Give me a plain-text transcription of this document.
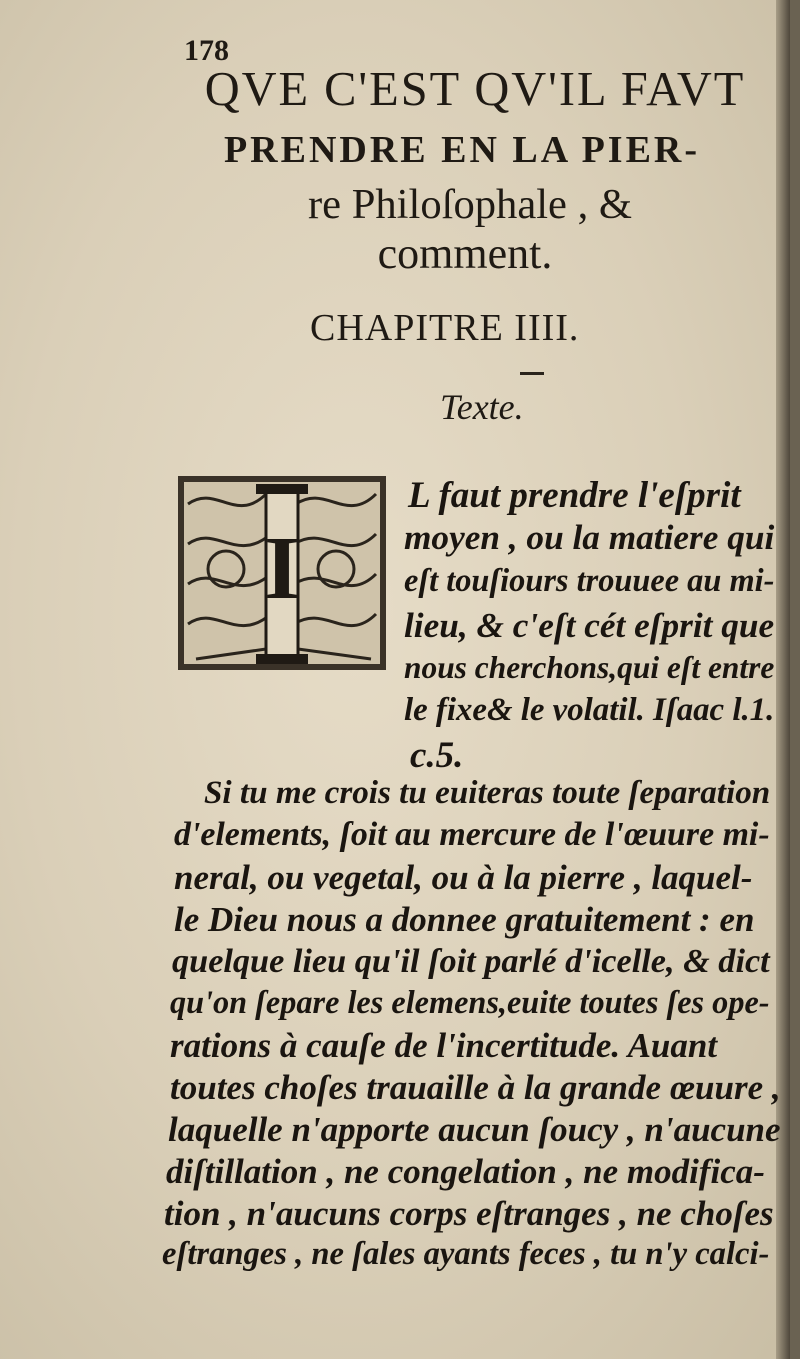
178
QVE C'EST QV'IL FAVT
PRENDRE EN LA PIER-
re Philoſophale , &
comment.
CHAPITRE IIII.
Texte.
I
L faut prendre l'eſprit
moyen , ou la matiere qui
eſt touſiours trouuee au mi-
lieu, & c'eſt cét eſprit que
nous cherchons,qui eſt entre
le fixe& le volatil. Iſaac l.1.
c.5.
Si tu me crois tu euiteras toute ſeparation
d'elements, ſoit au mercure de l'œuure mi-
neral, ou vegetal, ou à la pierre , laquel-
le Dieu nous a donnee gratuitement : en
quelque lieu qu'il ſoit parlé d'icelle, & dict
qu'on ſepare les elemens,euite toutes ſes ope-
rations à cauſe de l'incertitude. Auant
toutes choſes trauaille à la grande œuure ,
laquelle n'apporte aucun ſoucy , n'aucune
diſtillation , ne congelation , ne modifica-
tion , n'aucuns corps eſtranges , ne choſes
eſtranges , ne ſales ayants feces , tu n'y calci-
